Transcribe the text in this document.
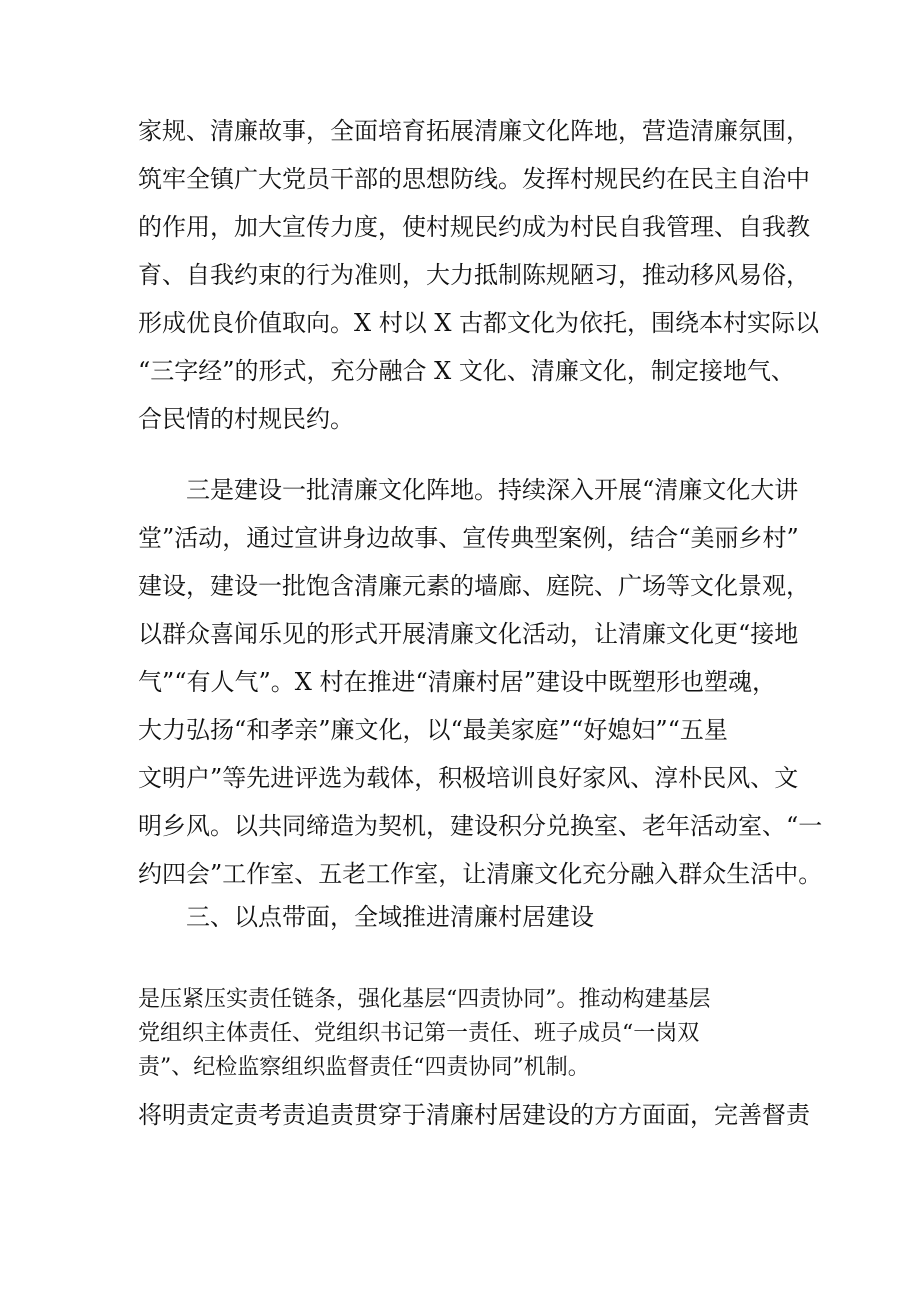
家规、清廉故事，全面培育拓展清廉文化阵地，营造清廉氛围，
筑牢全镇广大党员干部的思想防线。发挥村规民约在民主自治中
的作用，加大宣传力度，使村规民约成为村民自我管理、自我教
育、自我约束的行为准则，大力抵制陈规陋习，推动移风易俗，
形成优良价值取向。X 村以 X 古都文化为依托，围绕本村实际以
“三字经”的形式，充分融合 X 文化、清廉文化，制定接地气、
合民情的村规民约。
三是建设一批清廉文化阵地。持续深入开展“清廉文化大讲
堂”活动，通过宣讲身边故事、宣传典型案例，结合“美丽乡村”
建设，建设一批饱含清廉元素的墙廊、庭院、广场等文化景观，
以群众喜闻乐见的形式开展清廉文化活动，让清廉文化更“接地
气”“有人气”。X 村在推进“清廉村居”建设中既塑形也塑魂，
大力弘扬“和孝亲”廉文化，以“最美家庭”“好媳妇”“五星
文明户”等先进评选为载体，积极培训良好家风、淳朴民风、文
明乡风。以共同缔造为契机，建设积分兑换室、老年活动室、“一
约四会”工作室、五老工作室，让清廉文化充分融入群众生活中。
三、以点带面，全域推进清廉村居建设
是压紧压实责任链条，强化基层“四责协同”。推动构建基层
党组织主体责任、党组织书记第一责任、班子成员“一岗双
责”、纪检监察组织监督责任“四责协同”机制。
将明责定责考责追责贯穿于清廉村居建设的方方面面，完善督责
